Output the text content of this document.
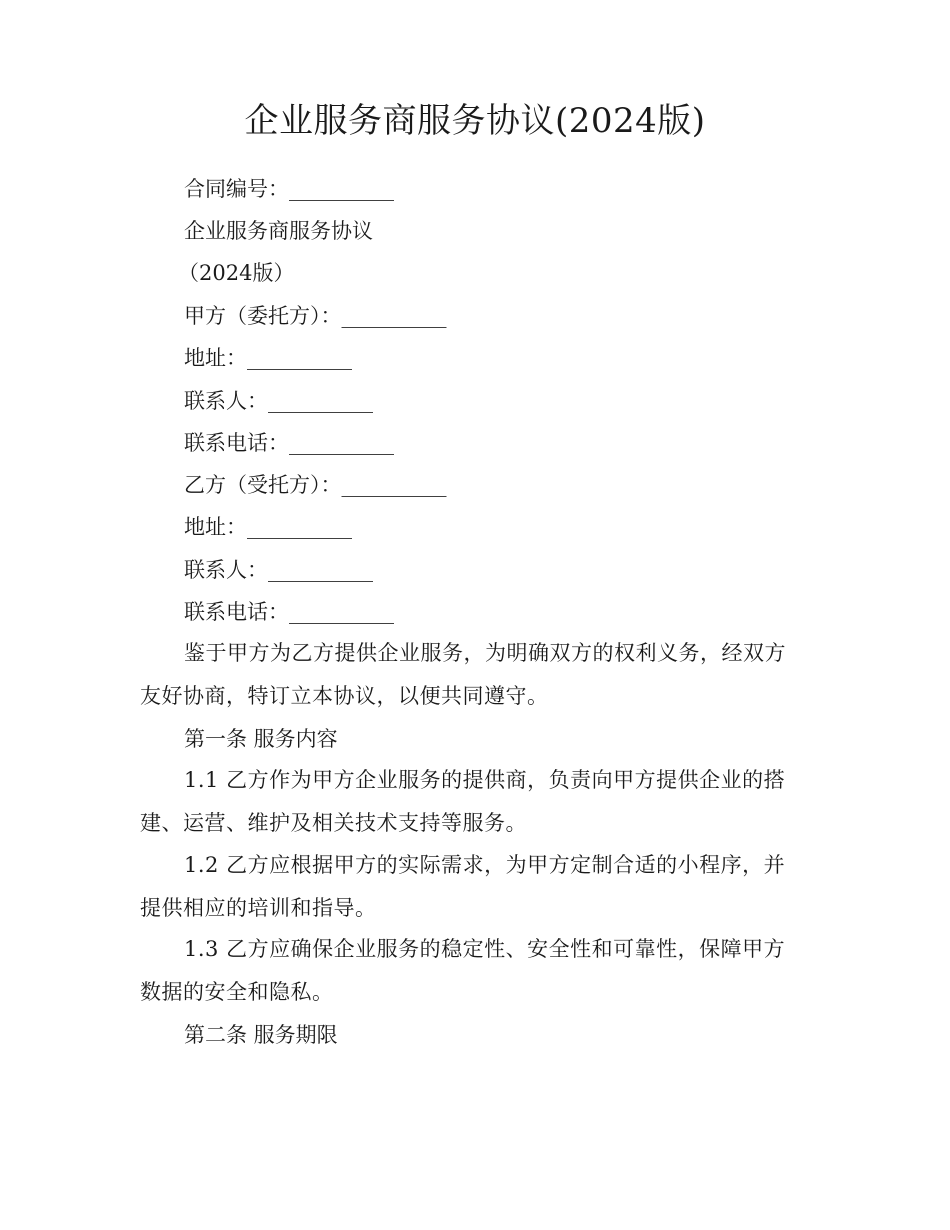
企业服务商服务协议(2024版)
合同编号：__________
企业服务商服务协议
（2024版）
甲方（委托方）：__________
地址：__________
联系人：__________
联系电话：__________
乙方（受托方）：__________
地址：__________
联系人：__________
联系电话：__________
鉴于甲方为乙方提供企业服务，为明确双方的权利义务，经双方友好协商，特订立本协议，以便共同遵守。
第一条 服务内容
1.1 乙方作为甲方企业服务的提供商，负责向甲方提供企业的搭建、运营、维护及相关技术支持等服务。
1.2 乙方应根据甲方的实际需求，为甲方定制合适的小程序，并提供相应的培训和指导。
1.3 乙方应确保企业服务的稳定性、安全性和可靠性，保障甲方数据的安全和隐私。
第二条 服务期限
